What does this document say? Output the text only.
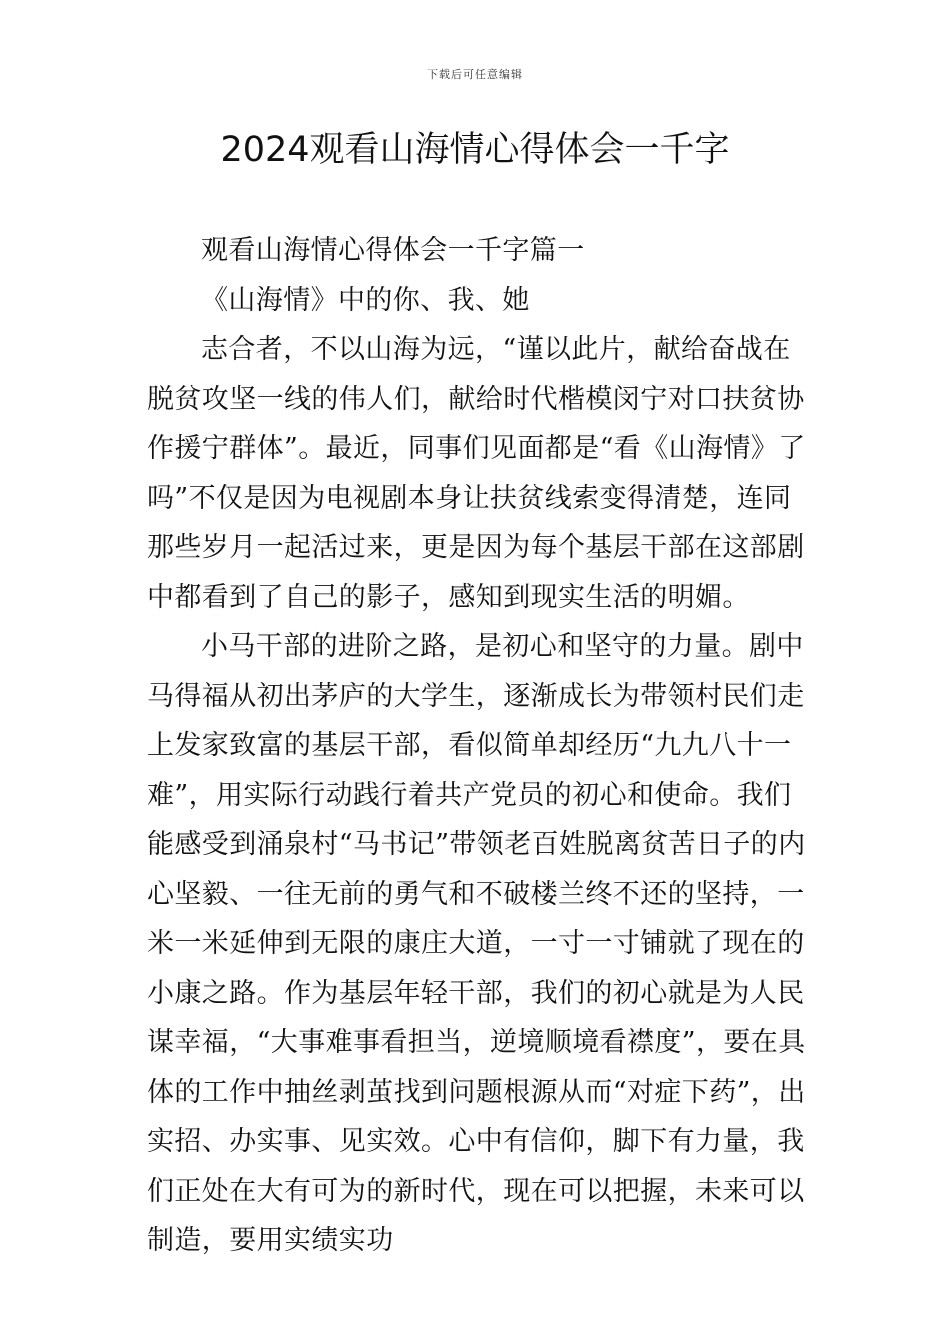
下载后可任意编辑
2024观看山海情心得体会一千字

观看山海情心得体会一千字篇一

《山海情》中的你、我、她

志合者，不以山海为远，“谨以此片，献给奋战在脱贫攻坚一线的伟人们，献给时代楷模闵宁对口扶贫协作援宁群体”。最近，同事们见面都是“看《山海情》了吗”不仅是因为电视剧本身让扶贫线索变得清楚，连同那些岁月一起活过来，更是因为每个基层干部在这部剧中都看到了自己的影子，感知到现实生活的明媚。

小马干部的进阶之路，是初心和坚守的力量。剧中马得福从初出茅庐的大学生，逐渐成长为带领村民们走上发家致富的基层干部，看似简单却经历“九九八十一难”，用实际行动践行着共产党员的初心和使命。我们能感受到涌泉村“马书记”带领老百姓脱离贫苦日子的内心坚毅、一往无前的勇气和不破楼兰终不还的坚持，一米一米延伸到无限的康庄大道，一寸一寸铺就了现在的小康之路。作为基层年轻干部，我们的初心就是为人民谋幸福，“大事难事看担当，逆境顺境看襟度”，要在具体的工作中抽丝剥茧找到问题根源从而“对症下药”，出实招、办实事、见实效。心中有信仰，脚下有力量，我们正处在大有可为的新时代，现在可以把握，未来可以制造，要用实绩实功
